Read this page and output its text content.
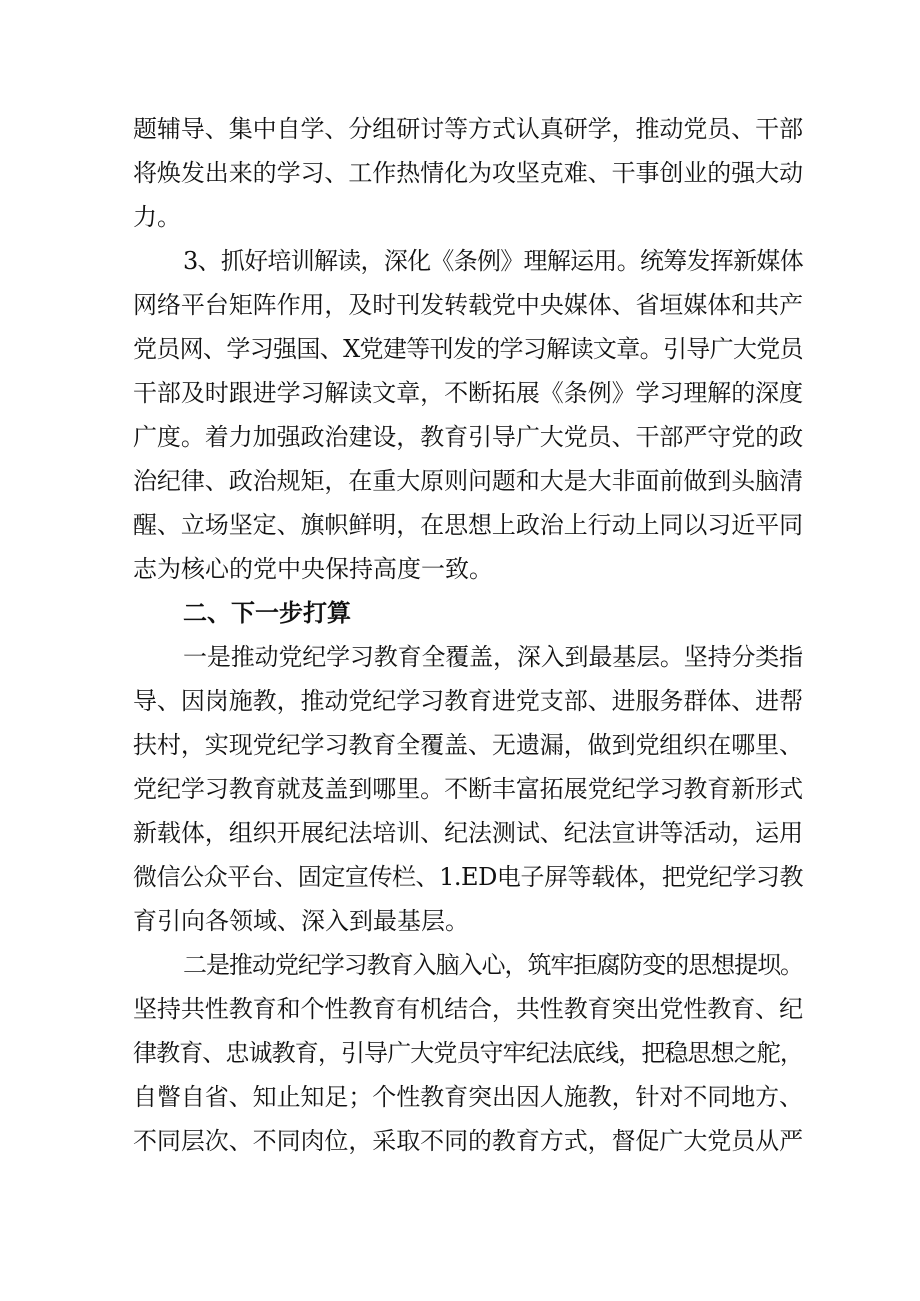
题辅导、集中自学、分组研讨等方式认真研学，推动党员、干部
将焕发出来的学习、工作热情化为攻坚克难、干事创业的强大动
力。
3、抓好培训解读，深化《条例》理解运用。统筹发挥新媒体
网络平台矩阵作用，及时刊发转载党中央媒体、省垣媒体和共产
党员网、学习强国、X党建等刊发的学习解读文章。引导广大党员
干部及时跟进学习解读文章，不断拓展《条例》学习理解的深度
广度。着力加强政治建设，教育引导广大党员、干部严守党的政
治纪律、政治规矩，在重大原则问题和大是大非面前做到头脑清
醒、立场坚定、旗帜鲜明，在思想上政治上行动上同以习近平同
志为核心的党中央保持高度一致。
二、下一步打算
一是推动党纪学习教育全覆盖，深入到最基层。坚持分类指
导、因岗施教，推动党纪学习教育进党支部、进服务群体、进帮
扶村，实现党纪学习教育全覆盖、无遗漏，做到党组织在哪里、
党纪学习教育就芨盖到哪里。不断丰富拓展党纪学习教育新形式
新载体，组织开展纪法培训、纪法测试、纪法宣讲等活动，运用
微信公众平台、固定宣传栏、1.ED电子屏等载体，把党纪学习教
育引向各领域、深入到最基层。
二是推动党纪学习教育入脑入心，筑牢拒腐防变的思想提坝。
坚持共性教育和个性教育有机结合，共性教育突出党性教育、纪
律教育、忠诚教育，引导广大党员守牢纪法底线，把稳思想之舵，
自瞥自省、知止知足；个性教育突出因人施教，针对不同地方、
不同层次、不同肉位，采取不同的教育方式，督促广大党员从严
